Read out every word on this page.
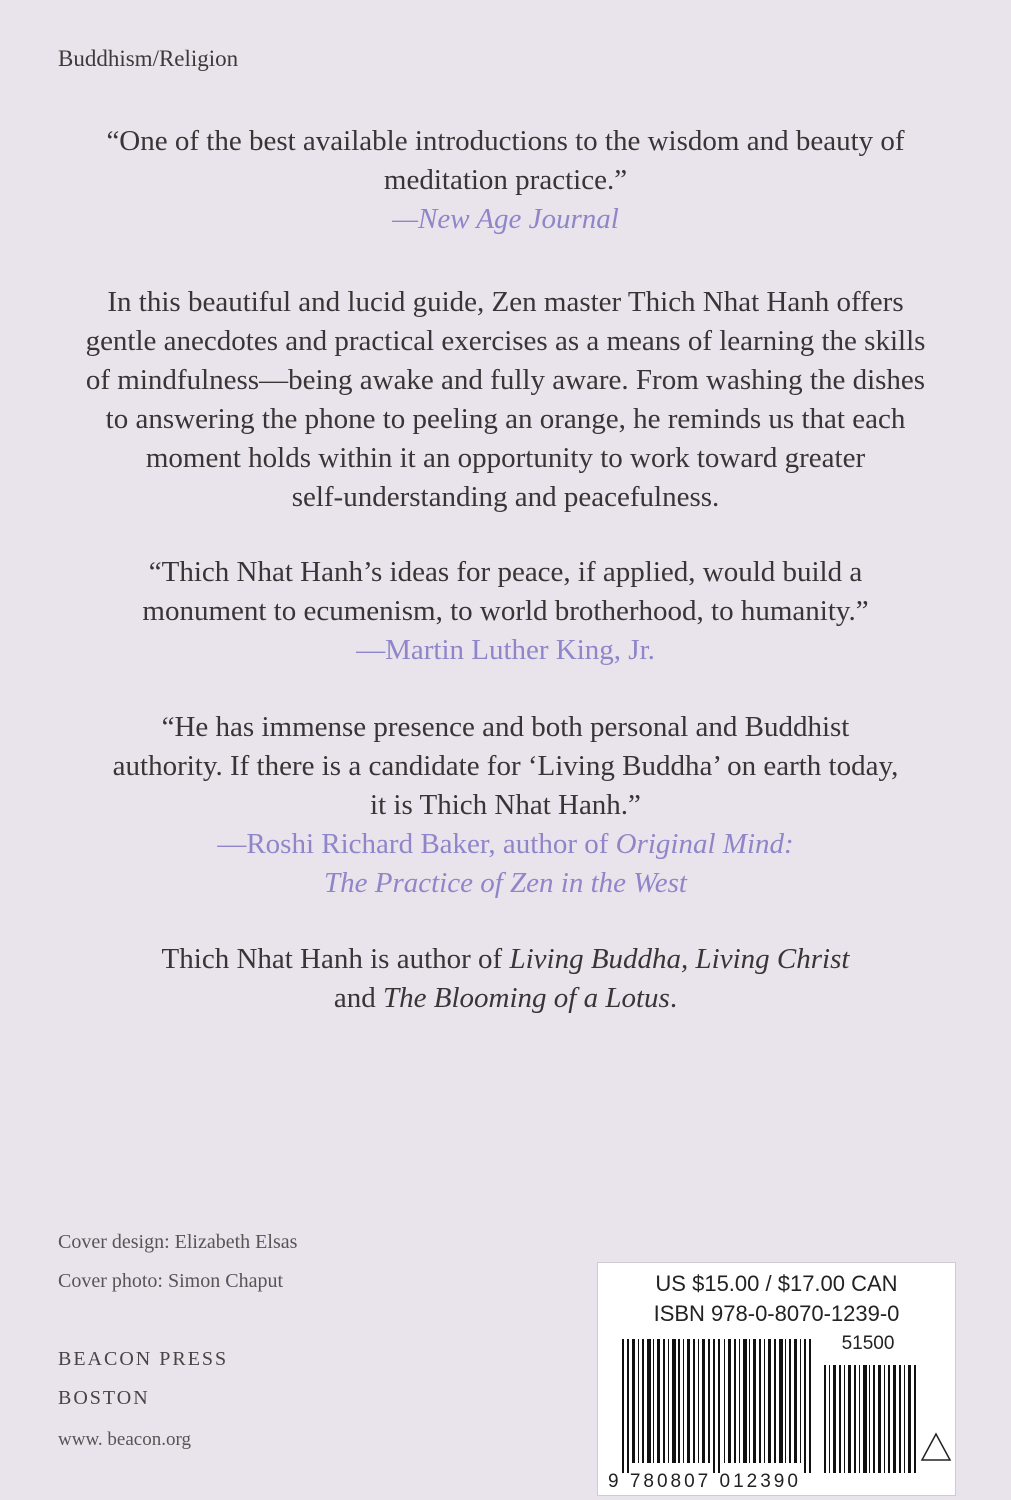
Buddhism/Religion
“One of the best available introductions to the wisdom and beauty of
meditation practice.”
—New Age Journal
In this beautiful and lucid guide, Zen master Thich Nhat Hanh offers
gentle anecdotes and practical exercises as a means of learning the skills
of mindfulness—being awake and fully aware. From washing the dishes
to answering the phone to peeling an orange, he reminds us that each
moment holds within it an opportunity to work toward greater
self-understanding and peacefulness.
“Thich Nhat Hanh’s ideas for peace, if applied, would build a
monument to ecumenism, to world brotherhood, to humanity.”
—Martin Luther King, Jr.
“He has immense presence and both personal and Buddhist
authority. If there is a candidate for ‘Living Buddha’ on earth today,
it is Thich Nhat Hanh.”
—Roshi Richard Baker, author of Original Mind:
The Practice of Zen in the West
Thich Nhat Hanh is author of Living Buddha, Living Christ
and The Blooming of a Lotus.
Cover design: Elizabeth Elsas
Cover photo: Simon Chaput
BEACON PRESS
BOSTON
www. beacon.org
US $15.00 / $17.00 CAN
ISBN 978-0-8070-1239-0
51500
9 780807 012390
